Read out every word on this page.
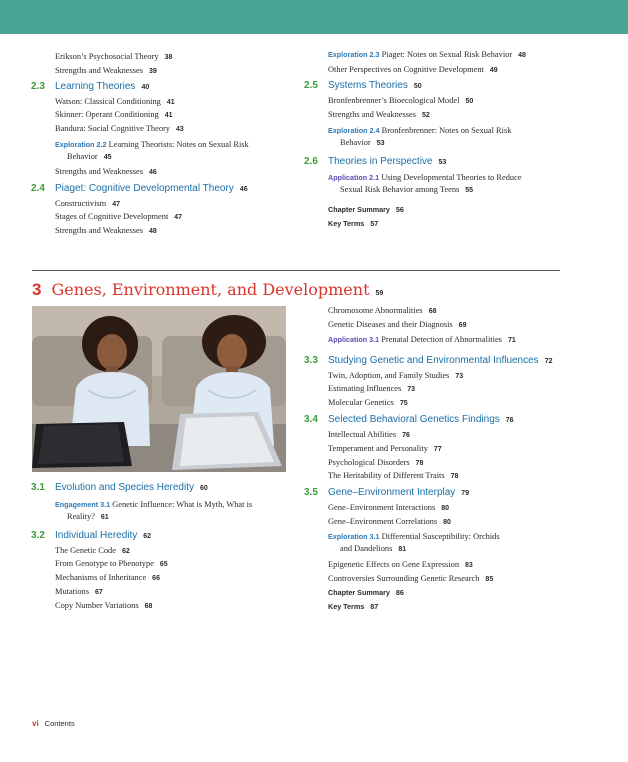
Erikson’s Psychosocial Theory 38
Strengths and Weaknesses 39
2.3 Learning Theories 40
Watson: Classical Conditioning 41
Skinner: Operant Conditioning 41
Bandura: Social Cognitive Theory 43
Exploration 2.2 Learning Theorists: Notes on Sexual Risk
Behavior 45
Strengths and Weaknesses 46
2.4 Piaget: Cognitive Developmental Theory 46
Constructivism 47
Stages of Cognitive Development 47
Strengths and Weaknesses 48
Exploration 2.3 Piaget: Notes on Sexual Risk Behavior 48
Other Perspectives on Cognitive Development 49
2.5 Systems Theories 50
Bronfenbrenner’s Bioecological Model 50
Strengths and Weaknesses 52
Exploration 2.4 Bronfenbrenner: Notes on Sexual Risk
Behavior 53
2.6 Theories in Perspective 53
Application 2.1 Using Developmental Theories to Reduce
Sexual Risk Behavior among Teens 55
Chapter Summary 56
Key Terms 57
3 Genes, Environment, and Development 59
3.1 Evolution and Species Heredity 60
Engagement 3.1 Genetic Influence: What is Myth, What is
Reality? 61
3.2 Individual Heredity 62
The Genetic Code 62
From Genotype to Phenotype 65
Mechanisms of Inheritance 66
Mutations 67
Copy Number Variations 68
Chromosome Abnormalities 68
Genetic Diseases and their Diagnosis 69
Application 3.1 Prenatal Detection of Abnormalities 71
3.3 Studying Genetic and Environmental Influences 72
Twin, Adoption, and Family Studies 73
Estimating Influences 73
Molecular Genetics 75
3.4 Selected Behavioral Genetics Findings 76
Intellectual Abilities 76
Temperament and Personality 77
Psychological Disorders 78
The Heritability of Different Traits 78
3.5 Gene–Environment Interplay 79
Gene–Environment Interactions 80
Gene–Environment Correlations 80
Exploration 3.1 Differential Susceptibility: Orchids
and Dandelions 81
Epigenetic Effects on Gene Expression 83
Controversies Surrounding Genetic Research 85
Chapter Summary 86
Key Terms 87
vi Contents
